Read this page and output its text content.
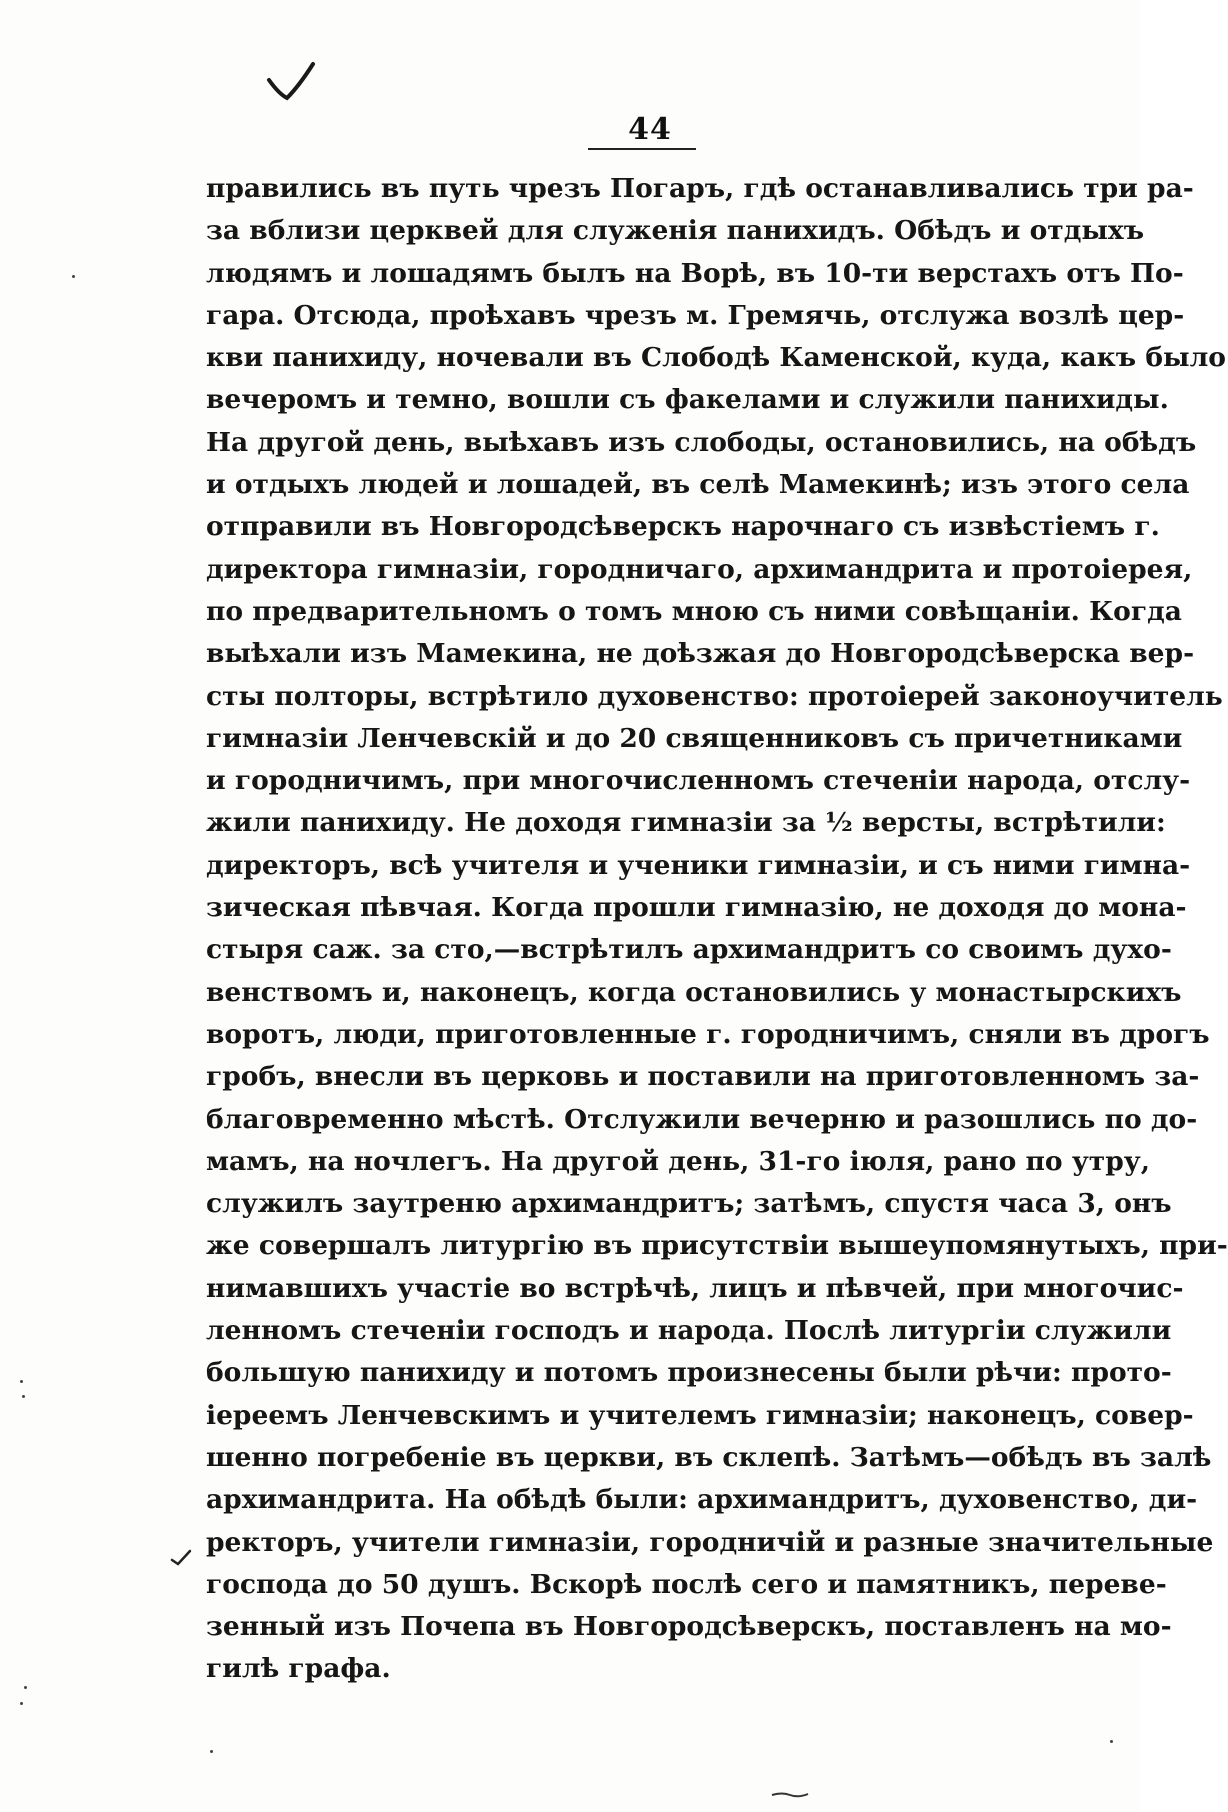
44
правились въ путь чрезъ Погаръ, гдѣ останавливались три ра-
за вблизи церквей для служенія панихидъ. Обѣдъ и отдыхъ
людямъ и лошадямъ былъ на Ворѣ, въ 10-ти верстахъ отъ По-
гара. Отсюда, проѣхавъ чрезъ м. Гремячь, отслужа возлѣ цер-
кви панихиду, ночевали въ Слободѣ Каменской, куда, какъ было
вечеромъ и темно, вошли съ факелами и служили панихиды.
На другой день, выѣхавъ изъ слободы, остановились, на обѣдъ
и отдыхъ людей и лошадей, въ селѣ Мамекинѣ; изъ этого села
отправили въ Новгородсѣверскъ нарочнаго съ извѣстіемъ г.
директора гимназіи, городничаго, архимандрита и протоіерея,
по предварительномъ о томъ мною съ ними совѣщаніи. Когда
выѣхали изъ Мамекина, не доѣзжая до Новгородсѣверска вер-
сты полторы, встрѣтило духовенство: протоіерей законоучитель
гимназіи Ленчевскій и до 20 священниковъ съ причетниками
и городничимъ, при многочисленномъ стеченіи народа, отслу-
жили панихиду. Не доходя гимназіи за ½ версты, встрѣтили:
директоръ, всѣ учителя и ученики гимназіи, и съ ними гимна-
зическая пѣвчая. Когда прошли гимназію, не доходя до мона-
стыря саж. за сто,—встрѣтилъ архимандритъ со своимъ духо-
венствомъ и, наконецъ, когда остановились у монастырскихъ
воротъ, люди, приготовленные г. городничимъ, сняли въ дрогъ
гробъ, внесли въ церковь и поставили на приготовленномъ за-
благовременно мѣстѣ. Отслужили вечерню и разошлись по до-
мамъ, на ночлегъ. На другой день, 31-го іюля, рано по утру,
служилъ заутреню архимандритъ; затѣмъ, спустя часа 3, онъ
же совершалъ литургію въ присутствіи вышеупомянутыхъ, при-
нимавшихъ участіе во встрѣчѣ, лицъ и пѣвчей, при многочис-
ленномъ стеченіи господъ и народа. Послѣ литургіи служили
большую панихиду и потомъ произнесены были рѣчи: прото-
іереемъ Ленчевскимъ и учителемъ гимназіи; наконецъ, совер-
шенно погребеніе въ церкви, въ склепѣ. Затѣмъ—обѣдъ въ залѣ
архимандрита. На обѣдѣ были: архимандритъ, духовенство, ди-
ректоръ, учители гимназіи, городничій и разные значительные
господа до 50 душъ. Вскорѣ послѣ сего и памятникъ, переве-
зенный изъ Почепа въ Новгородсѣверскъ, поставленъ на мо-
гилѣ графа.
